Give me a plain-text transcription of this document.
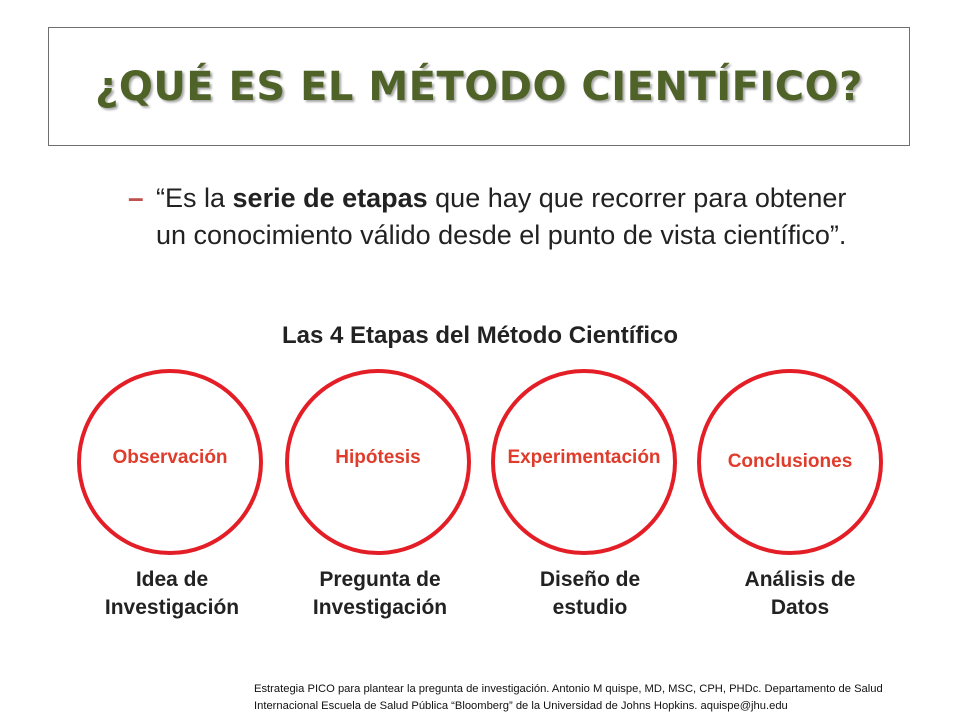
¿QUÉ ES EL MÉTODO CIENTÍFICO?
– “Es la serie de etapas que hay que recorrer para obtener un conocimiento válido desde el punto de vista científico”.
Las 4 Etapas del Método Científico
Observación	Hipótesis	Experimentación	Conclusiones
Idea de
Investigación
Pregunta de
Investigación
Diseño de
estudio
Análisis de
Datos
Estrategia PICO para plantear la pregunta de investigación. Antonio M quispe, MD, MSC, CPH, PHDc. Departamento de Salud Internacional Escuela de Salud Pública “Bloomberg” de la Universidad de Johns Hopkins. aquispe@jhu.edu
